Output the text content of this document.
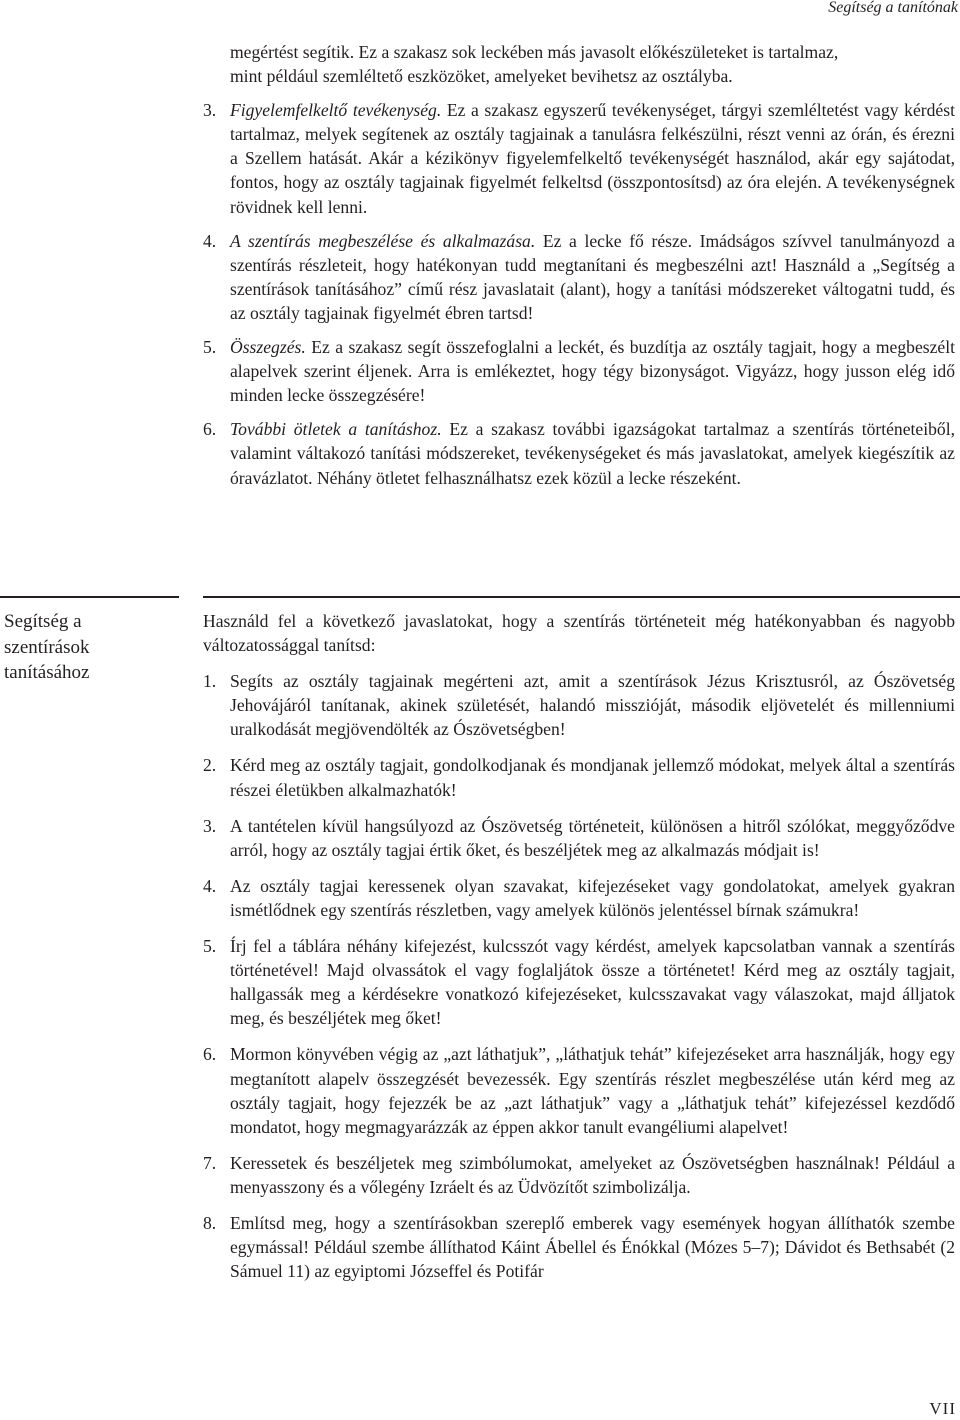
Segítség a tanítónak
megértést segítik. Ez a szakasz sok leckében más javasolt előkészületeket is tartalmaz,
mint például szemléltető eszközöket, amelyeket bevihetsz az osztályba.
3. Figyelemfelkeltő tevékenység. Ez a szakasz egyszerű tevékenységet, tárgyi szemléltetést vagy kérdést tartalmaz, melyek segítenek az osztály tagjainak a tanulásra felkészülni, részt venni az órán, és érezni a Szellem hatását. Akár a kézikönyv figyelemfelkeltő tevékenységét használod, akár egy sajátodat, fontos, hogy az osztály tagjainak figyelmét felkeltsd (összpontosítsd) az óra elején. A tevékenységnek rövidnek kell lenni.

4. A szentírás megbeszélése és alkalmazása. Ez a lecke fő része. Imádságos szívvel tanulmányozd a szentírás részleteit, hogy hatékonyan tudd megtanítani és megbeszélni azt! Használd a „Segítség a szentírások tanításához” című rész javaslatait (alant), hogy a tanítási módszereket váltogatni tudd, és az osztály tagjainak figyelmét ébren tartsd!

5. Összegzés. Ez a szakasz segít összefoglalni a leckét, és buzdítja az osztály tagjait, hogy a megbeszélt alapelvek szerint éljenek. Arra is emlékeztet, hogy tégy bizonyságot. Vigyázz, hogy jusson elég idő minden lecke összegzésére!

6. További ötletek a tanításhoz. Ez a szakasz további igazságokat tartalmaz a szentírás történeteiből, valamint váltakozó tanítási módszereket, tevékenységeket és más javaslatokat, amelyek kiegészítik az óravázlatot. Néhány ötletet felhasználhatsz ezek közül a lecke részeként.

Segítség a
szentírások
tanításához

Használd fel a következő javaslatokat, hogy a szentírás történeteit még hatékonyabban és nagyobb változatossággal tanítsd:

1. Segíts az osztály tagjainak megérteni azt, amit a szentírások Jézus Krisztusról, az Ószövetség Jehovájáról tanítanak, akinek születését, halandó misszióját, második eljövetelét és millenniumi uralkodását megjövendölték az Ószövetségben!

2. Kérd meg az osztály tagjait, gondolkodjanak és mondjanak jellemző módokat, melyek által a szentírás részei életükben alkalmazhatók!

3. A tantételen kívül hangsúlyozd az Ószövetség történeteit, különösen a hitről szólókat, meggyőződve arról, hogy az osztály tagjai értik őket, és beszéljétek meg az alkalmazás módjait is!

4. Az osztály tagjai keressenek olyan szavakat, kifejezéseket vagy gondolatokat, amelyek gyakran ismétlődnek egy szentírás részletben, vagy amelyek különös jelentéssel bírnak számukra!

5. Írj fel a táblára néhány kifejezést, kulcsszót vagy kérdést, amelyek kapcsolatban vannak a szentírás történetével! Majd olvassátok el vagy foglaljátok össze a történetet! Kérd meg az osztály tagjait, hallgassák meg a kérdésekre vonatkozó kifejezéseket, kulcsszavakat vagy válaszokat, majd álljatok meg, és beszéljétek meg őket!

6. Mormon könyvében végig az „azt láthatjuk”, „láthatjuk tehát” kifejezéseket arra használják, hogy egy megtanított alapelv összegzését bevezessék. Egy szentírás részlet megbeszélése után kérd meg az osztály tagjait, hogy fejezzék be az „azt láthatjuk” vagy a „láthatjuk tehát” kifejezéssel kezdődő mondatot, hogy megmagyarázzák az éppen akkor tanult evangéliumi alapelvet!

7. Keressetek és beszéljetek meg szimbólumokat, amelyeket az Ószövetségben használnak! Például a menyasszony és a vőlegény Izráelt és az Üdvözítőt szimbolizálja.

8. Említsd meg, hogy a szentírásokban szereplő emberek vagy események hogyan állíthatók szembe egymással! Például szembe állíthatod Káint Ábellel és Énókkal (Mózes 5–7); Dávidot és Bethsabét (2 Sámuel 11) az egyiptomi Józseffel és Potifár

VII
